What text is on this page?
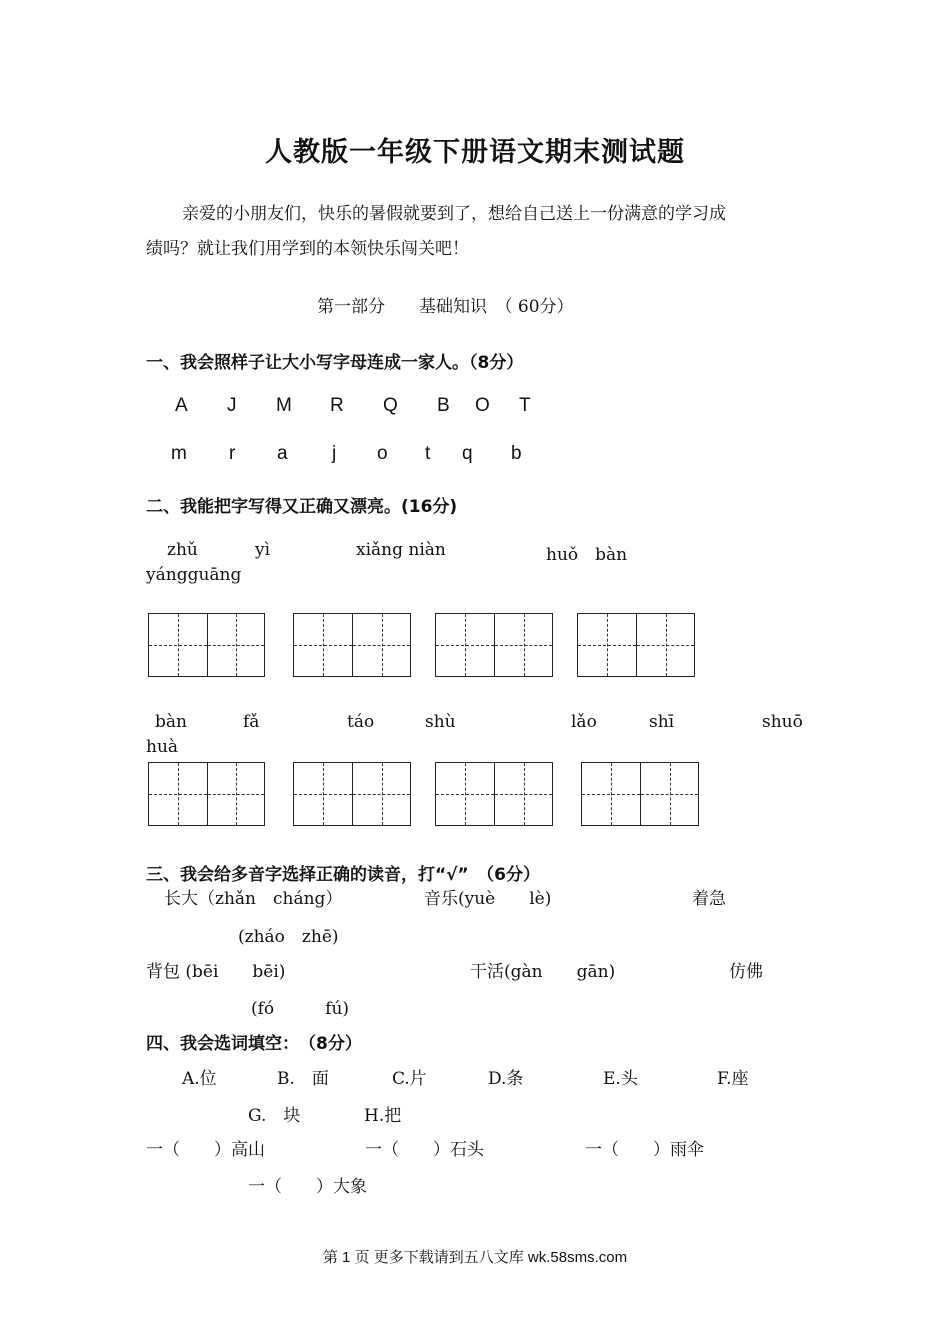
人教版一年级下册语文期末测试题
亲爱的小朋友们，快乐的暑假就要到了，想给自己送上一份满意的学习成
绩吗？就让我们用学到的本领快乐闯关吧！
第一部分　　基础知识　（ 60分）
一、我会照样子让大小写字母连成一家人。（8分）
A J M R Q B O T
m r a j o t q b
二、我能把字写得又正确又漂亮。(16分)
zhǔ	yì	xiǎng niàn	huǒ　bàn
yángguāng
bàn	fǎ	táo	shù	lǎo	shī	shuō
huà
三、我会给多音字选择正确的读音，打“√”　（6分）
长大（zhǎn　cháng）	音乐(yuè　　lè)	着急
(zháo　zhē)
背包 (bēi　　bēi)	干活(gàn　　gān)	仿佛
(fó　　　fú)
四、我会选词填空：　（8分）
A.位	B.　面	C.片	D.条	E.头	F.座
G.　块	H.把
一（　　）高山	一（　　）石头	一（　　）雨伞
一（　　）大象
第 1 页 更多下载请到五八文库 wk.58sms.com
